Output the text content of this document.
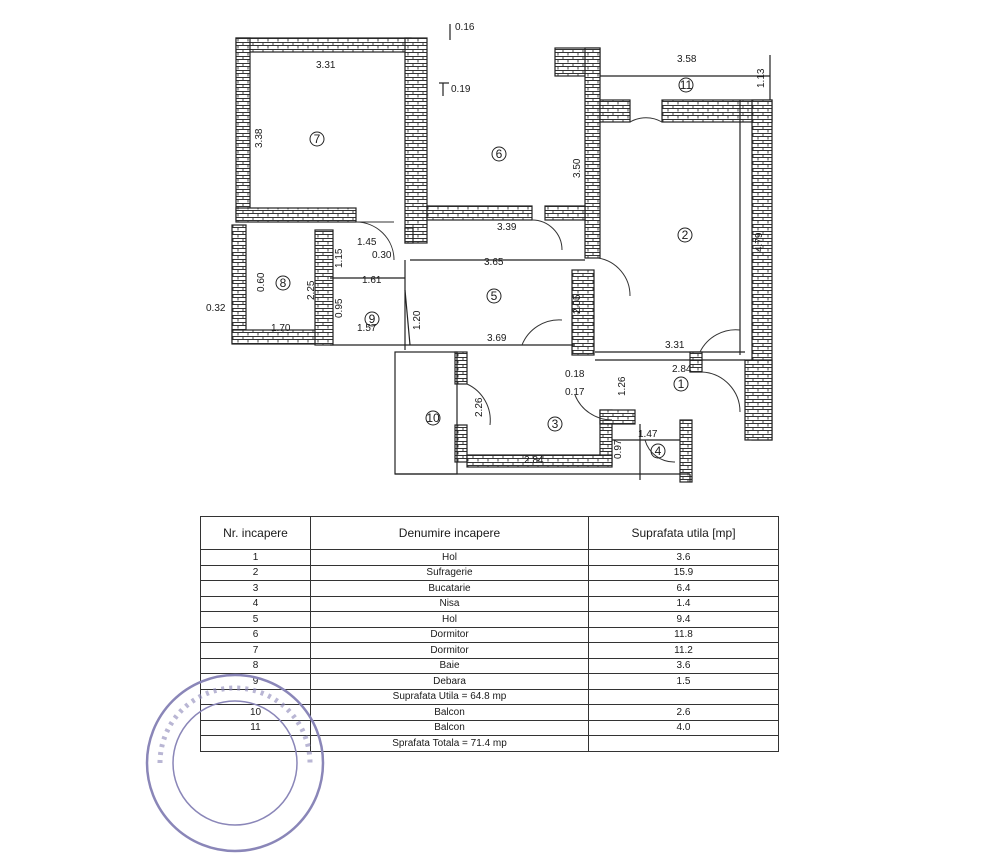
7
6
11
2
8
5
9
1
10	3
4
0.16
3.31
3.38
0.19
3.50
3.39
3.58
1.13
4.79
3.31
1.45
0.30
1.15	3.65
1.61
0.60	2.25
0.95
0.32
1.70	1.57	1.20
2.05
3.69
2.84
0.18
0.17	1.26
1.47
0.97
2.26
2.84
Nr. incapere	Denumire incapere	Suprafata utila [mp]
1	Hol	3.6
2	Sufragerie	15.9
3	Bucatarie	6.4
4	Nisa	1.4
5	Hol	9.4
6	Dormitor	11.8
7	Dormitor	11.2
8	Baie	3.6
9	Debara	1.5
	Suprafata Utila = 64.8 mp	
10	Balcon	2.6
11	Balcon	4.0
	Sprafata Totala = 71.4 mp	
